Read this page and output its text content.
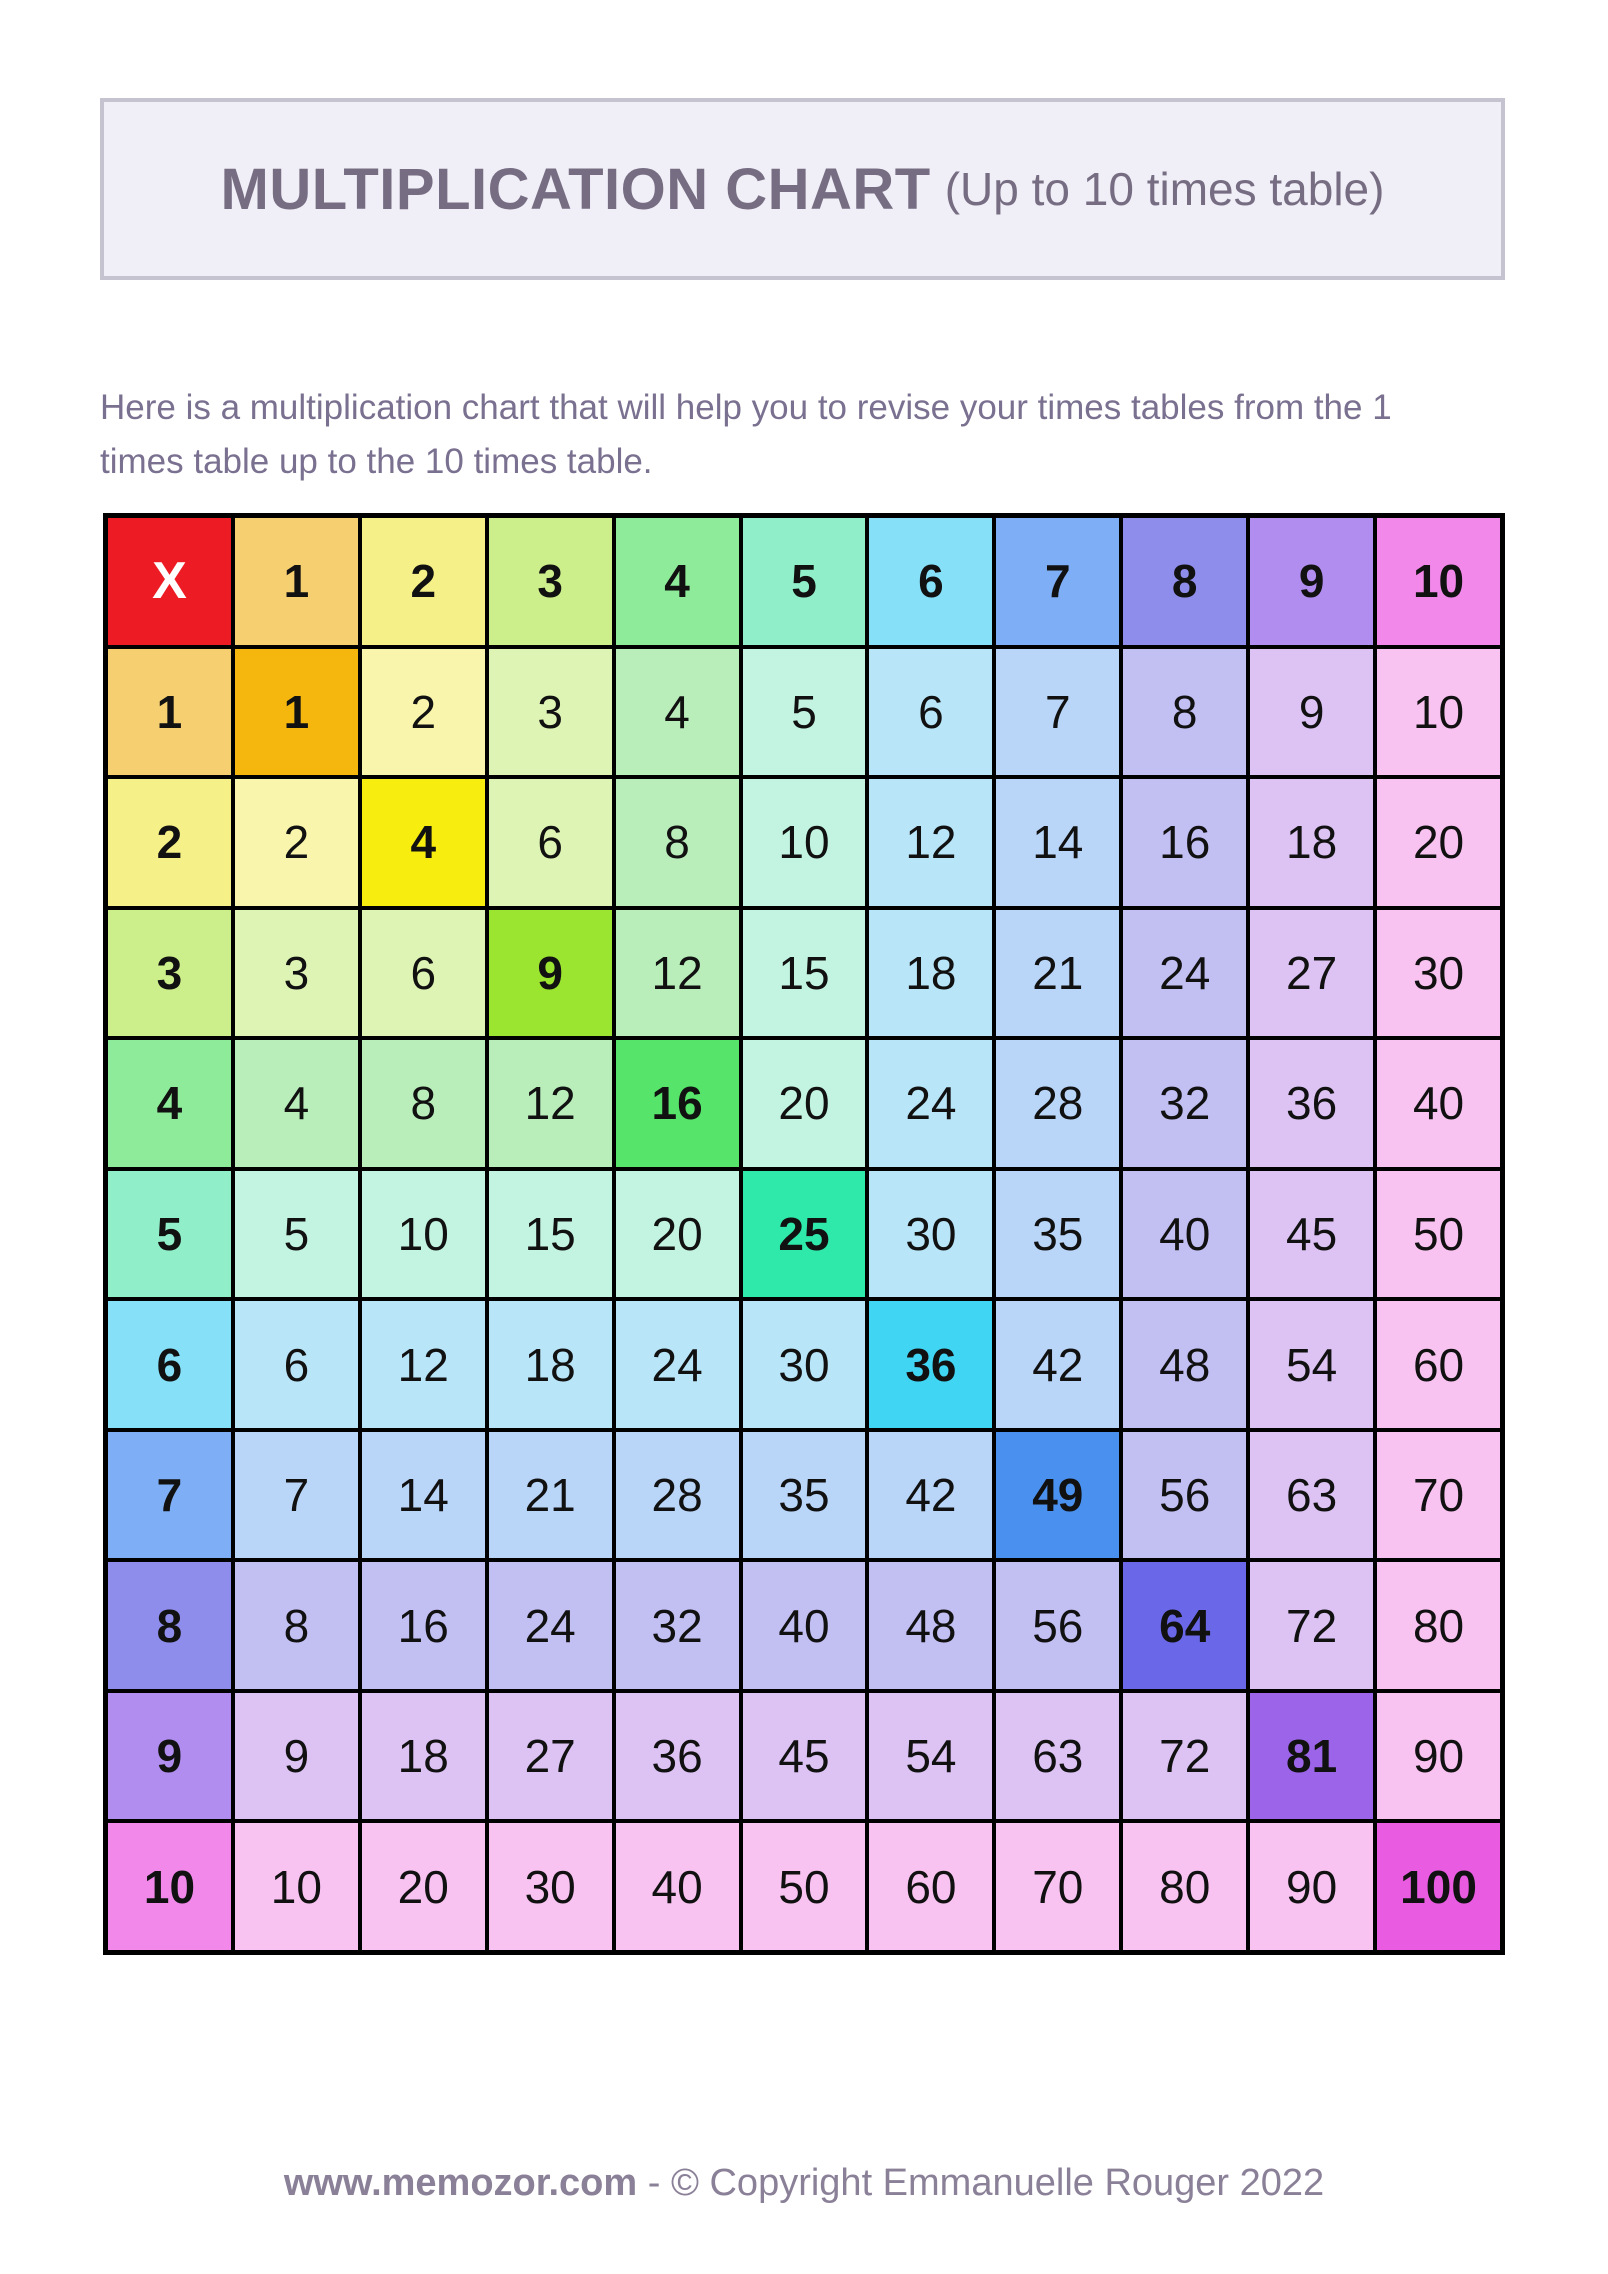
MULTIPLICATION CHART (Up to 10 times table)

Here is a multiplication chart that will help you to revise your times tables from the 1 times table up to the 10 times table.

X	1	2	3	4	5	6	7	8	9	10
1	1	2	3	4	5	6	7	8	9	10
2	2	4	6	8	10	12	14	16	18	20
3	3	6	9	12	15	18	21	24	27	30
4	4	8	12	16	20	24	28	32	36	40
5	5	10	15	20	25	30	35	40	45	50
6	6	12	18	24	30	36	42	48	54	60
7	7	14	21	28	35	42	49	56	63	70
8	8	16	24	32	40	48	56	64	72	80
9	9	18	27	36	45	54	63	72	81	90
10	10	20	30	40	50	60	70	80	90	100
www.memozor.com - © Copyright Emmanuelle Rouger 2022
